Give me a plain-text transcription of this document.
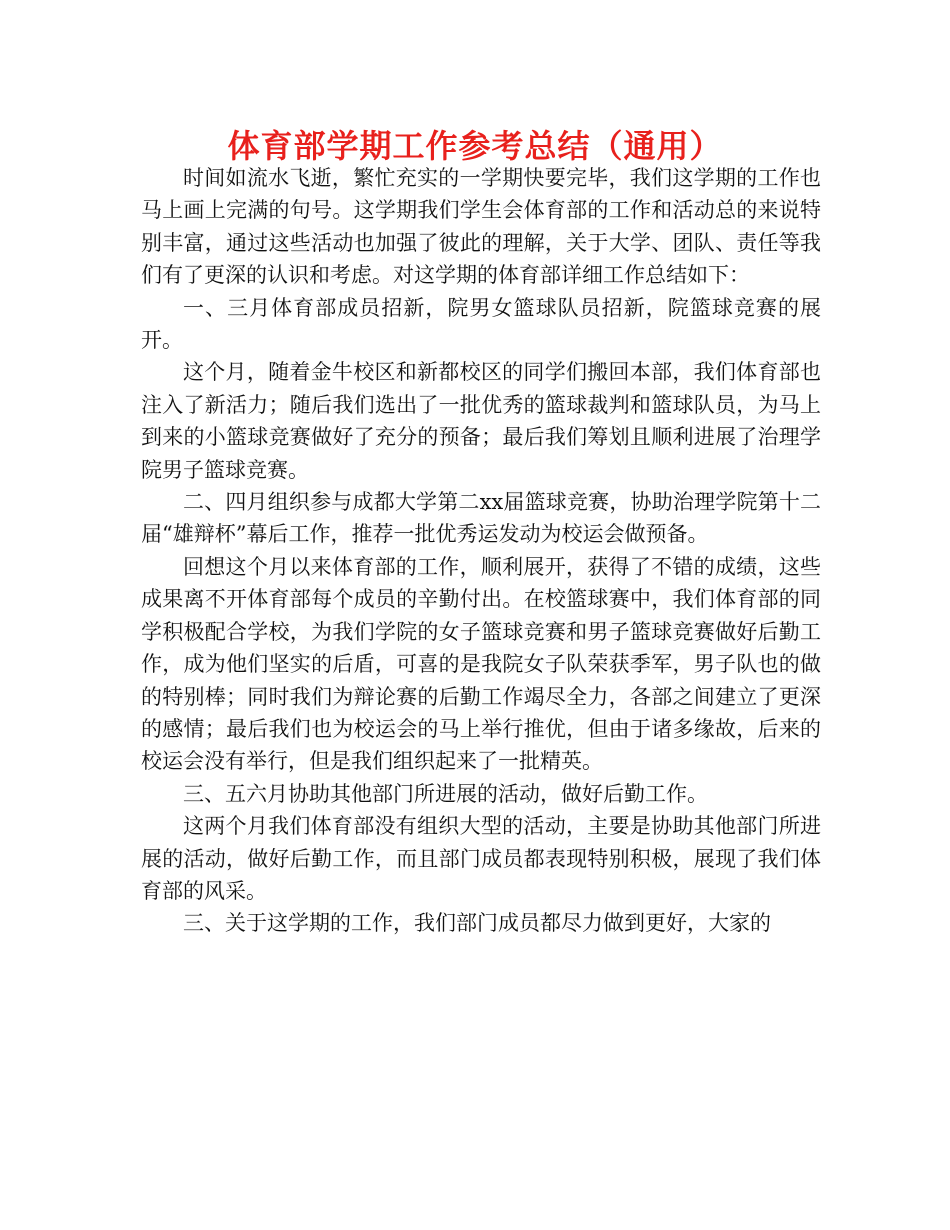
体育部学期工作参考总结（通用）

时间如流水飞逝，繁忙充实的一学期快要完毕，我们这学期的工作也马上画上完满的句号。这学期我们学生会体育部的工作和活动总的来说特别丰富，通过这些活动也加强了彼此的理解，关于大学、团队、责任等我们有了更深的认识和考虑。对这学期的体育部详细工作总结如下：

一、三月体育部成员招新，院男女篮球队员招新，院篮球竞赛的展开。

这个月，随着金牛校区和新都校区的同学们搬回本部，我们体育部也注入了新活力；随后我们选出了一批优秀的篮球裁判和篮球队员，为马上到来的小篮球竞赛做好了充分的预备；最后我们筹划且顺利进展了治理学院男子篮球竞赛。

二、四月组织参与成都大学第二xx届篮球竞赛，协助治理学院第十二届“雄辩杯”幕后工作，推荐一批优秀运发动为校运会做预备。

回想这个月以来体育部的工作，顺利展开，获得了不错的成绩，这些成果离不开体育部每个成员的辛勤付出。在校篮球赛中，我们体育部的同学积极配合学校，为我们学院的女子篮球竞赛和男子篮球竞赛做好后勤工作，成为他们坚实的后盾，可喜的是我院女子队荣获季军，男子队也的做的特别棒；同时我们为辩论赛的后勤工作竭尽全力，各部之间建立了更深的感情；最后我们也为校运会的马上举行推优，但由于诸多缘故，后来的校运会没有举行，但是我们组织起来了一批精英。

三、五六月协助其他部门所进展的活动，做好后勤工作。

这两个月我们体育部没有组织大型的活动，主要是协助其他部门所进展的活动，做好后勤工作，而且部门成员都表现特别积极，展现了我们体育部的风采。

三、关于这学期的工作，我们部门成员都尽力做到更好，大家的
